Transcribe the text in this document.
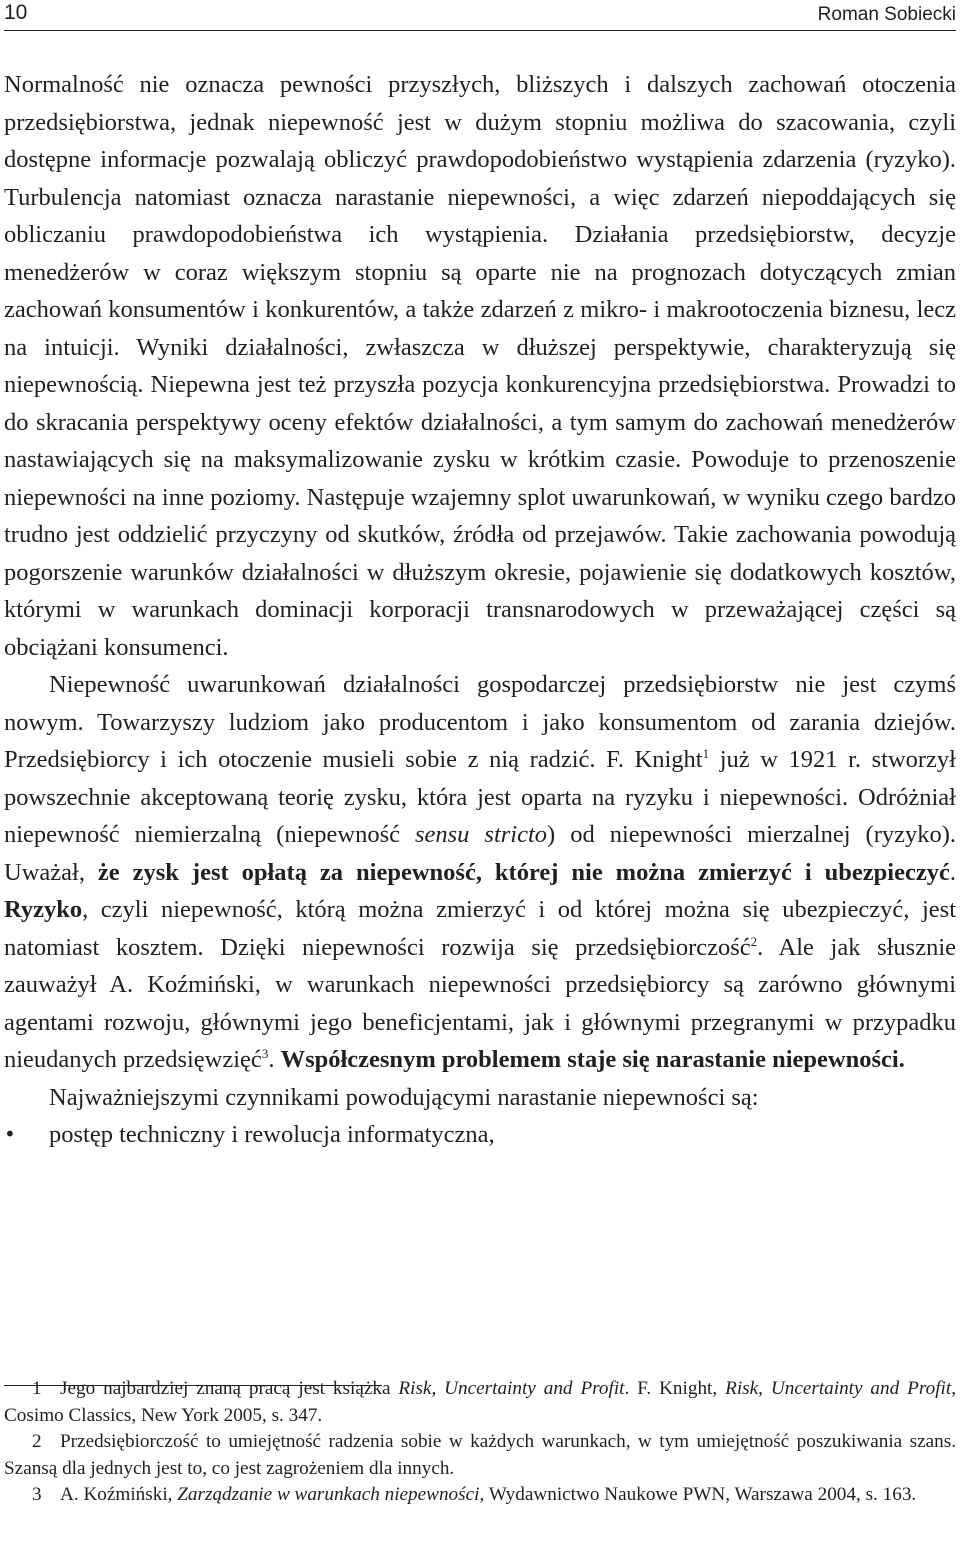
10	Roman Sobiecki

Normalność nie oznacza pewności przyszłych, bliższych i dalszych zachowań otoczenia przedsiębiorstwa, jednak niepewność jest w dużym stopniu możliwa do szacowania, czyli dostępne informacje pozwalają obliczyć prawdopodobieństwo wystąpienia zdarzenia (ryzyko). Turbulencja natomiast oznacza narastanie niepewności, a więc zdarzeń niepoddających się obliczaniu prawdopodobieństwa ich wystąpienia. Działania przedsiębiorstw, decyzje menedżerów w coraz większym stopniu są oparte nie na prognozach dotyczących zmian zachowań konsumentów i konkurentów, a także zdarzeń z mikro- i makrootoczenia biznesu, lecz na intuicji. Wyniki działalności, zwłaszcza w dłuższej perspektywie, charakteryzują się niepewnością. Niepewna jest też przyszła pozycja konkurencyjna przedsiębiorstwa. Prowadzi to do skracania perspektywy oceny efektów działalności, a tym samym do zachowań menedżerów nastawiających się na maksymalizowanie zysku w krótkim czasie. Powoduje to przenoszenie niepewności na inne poziomy. Następuje wzajemny splot uwarunkowań, w wyniku czego bardzo trudno jest oddzielić przyczyny od skutków, źródła od przejawów. Takie zachowania powodują pogorszenie warunków działalności w dłuższym okresie, pojawienie się dodatkowych kosztów, którymi w warunkach dominacji korporacji transnarodowych w przeważającej części są obciążani konsumenci.

Niepewność uwarunkowań działalności gospodarczej przedsiębiorstw nie jest czymś nowym. Towarzyszy ludziom jako producentom i jako konsumentom od zarania dziejów. Przedsiębiorcy i ich otoczenie musieli sobie z nią radzić. F. Knight$^1$ już w 1921 r. stworzył powszechnie akceptowaną teorię zysku, która jest oparta na ryzyku i niepewności. Odróżniał niepewność niemierzalną (niepewność sensu stricto) od niepewności mierzalnej (ryzyko). Uważał, że zysk jest opłatą za niepewność, której nie można zmierzyć i ubezpieczyć. Ryzyko, czyli niepewność, którą można zmierzyć i od której można się ubezpieczyć, jest natomiast kosztem. Dzięki niepewności rozwija się przedsiębiorczość$^2$. Ale jak słusznie zauważył A. Koźmiński, w warunkach niepewności przedsiębiorcy są zarówno głównymi agentami rozwoju, głównymi jego beneficjentami, jak i głównymi przegranymi w przypadku nieudanych przedsięwzięć$^3$. Współczesnym problemem staje się narastanie niepewności.

Najważniejszymi czynnikami powodującymi narastanie niepewności są:

• postęp techniczny i rewolucja informatyczna,

1 Jego najbardziej znaną pracą jest książka Risk, Uncertainty and Profit. F. Knight, Risk, Uncertainty and Profit, Cosimo Classics, New York 2005, s. 347.

2 Przedsiębiorczość to umiejętność radzenia sobie w każdych warunkach, w tym umiejętność poszukiwania szans. Szansą dla jednych jest to, co jest zagrożeniem dla innych.

3 A. Koźmiński, Zarządzanie w warunkach niepewności, Wydawnictwo Naukowe PWN, Warszawa 2004, s. 163.
